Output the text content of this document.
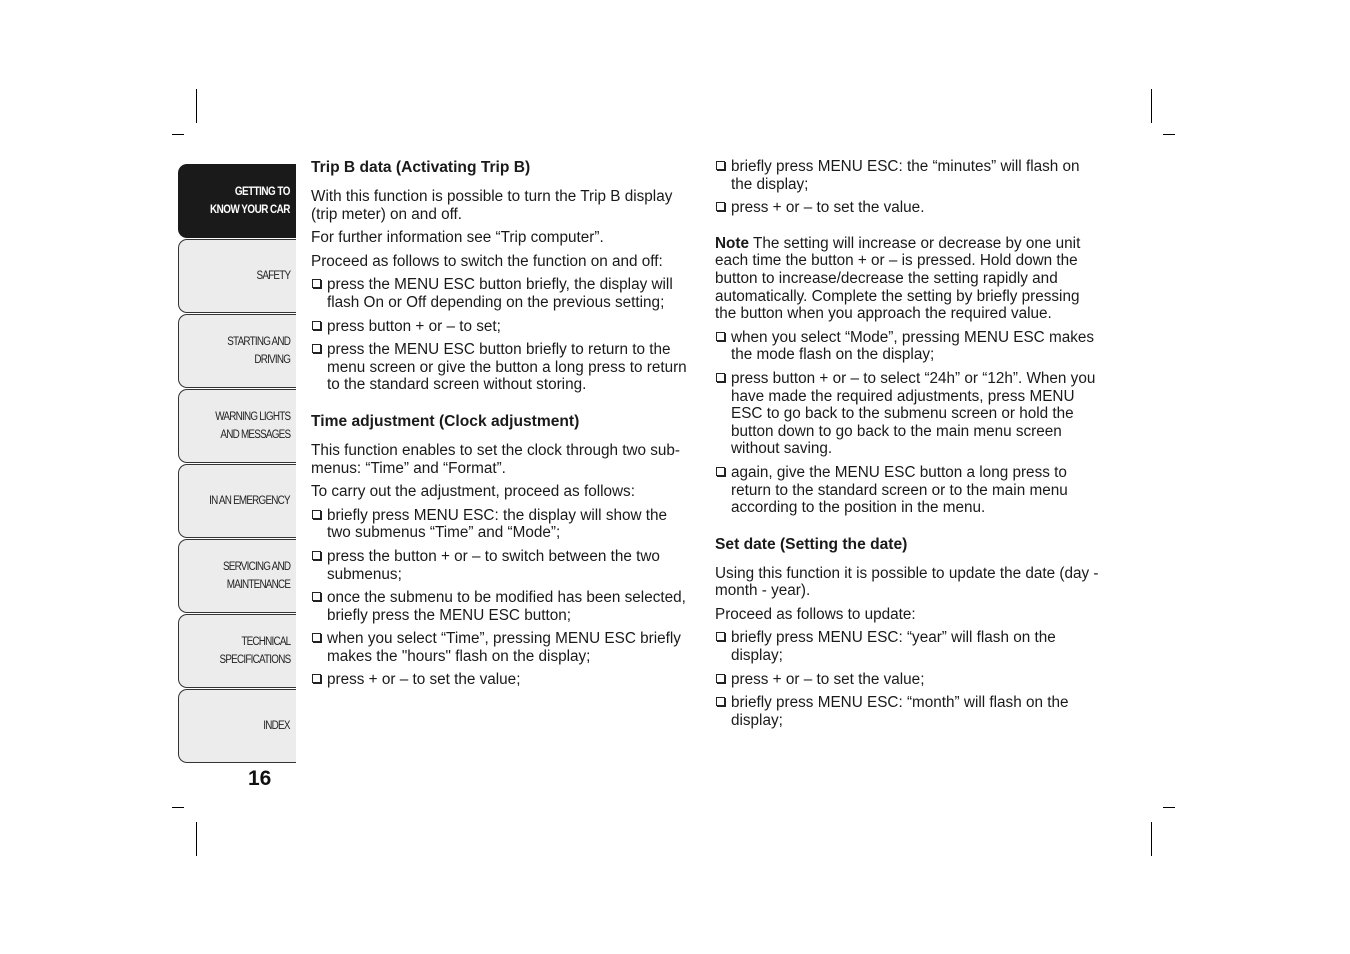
GETTING TO
KNOW YOUR CAR
SAFETY
STARTING AND
DRIVING
WARNING LIGHTS
AND MESSAGES
IN AN EMERGENCY
SERVICING AND
MAINTENANCE
TECHNICAL
SPECIFICATIONS
INDEX
16
Trip B data (Activating Trip B)

With this function is possible to turn the Trip B display (trip meter) on and off.

For further information see “Trip computer”.

Proceed as follows to switch the function on and off:

press the MENU ESC button briefly, the display will flash On or Off depending on the previous setting;
press button + or – to set;
press the MENU ESC button briefly to return to the menu screen or give the button a long press to return to the standard screen without storing.
Time adjustment (Clock adjustment)

This function enables to set the clock through two sub-menus: “Time” and “Format”.

To carry out the adjustment, proceed as follows:

briefly press MENU ESC: the display will show the two submenus “Time” and “Mode”;
press the button + or – to switch between the two submenus;
once the submenu to be modified has been selected, briefly press the MENU ESC button;
when you select “Time”, pressing MENU ESC briefly makes the "hours" flash on the display;
press + or – to set the value;
briefly press MENU ESC: the “minutes” will flash on the display;
press + or – to set the value.

Note The setting will increase or decrease by one unit each time the button + or – is pressed. Hold down the button to increase/decrease the setting rapidly and automatically. Complete the setting by briefly pressing the button when you approach the required value.

when you select “Mode”, pressing MENU ESC makes the mode flash on the display;
press button + or – to select “24h” or “12h”. When you have made the required adjustments, press MENU ESC to go back to the submenu screen or hold the button down to go back to the main menu screen without saving.
again, give the MENU ESC button a long press to return to the standard screen or to the main menu according to the position in the menu.
Set date (Setting the date)

Using this function it is possible to update the date (day - month - year).

Proceed as follows to update:

briefly press MENU ESC: “year” will flash on the display;
press + or – to set the value;
briefly press MENU ESC: “month” will flash on the display;
